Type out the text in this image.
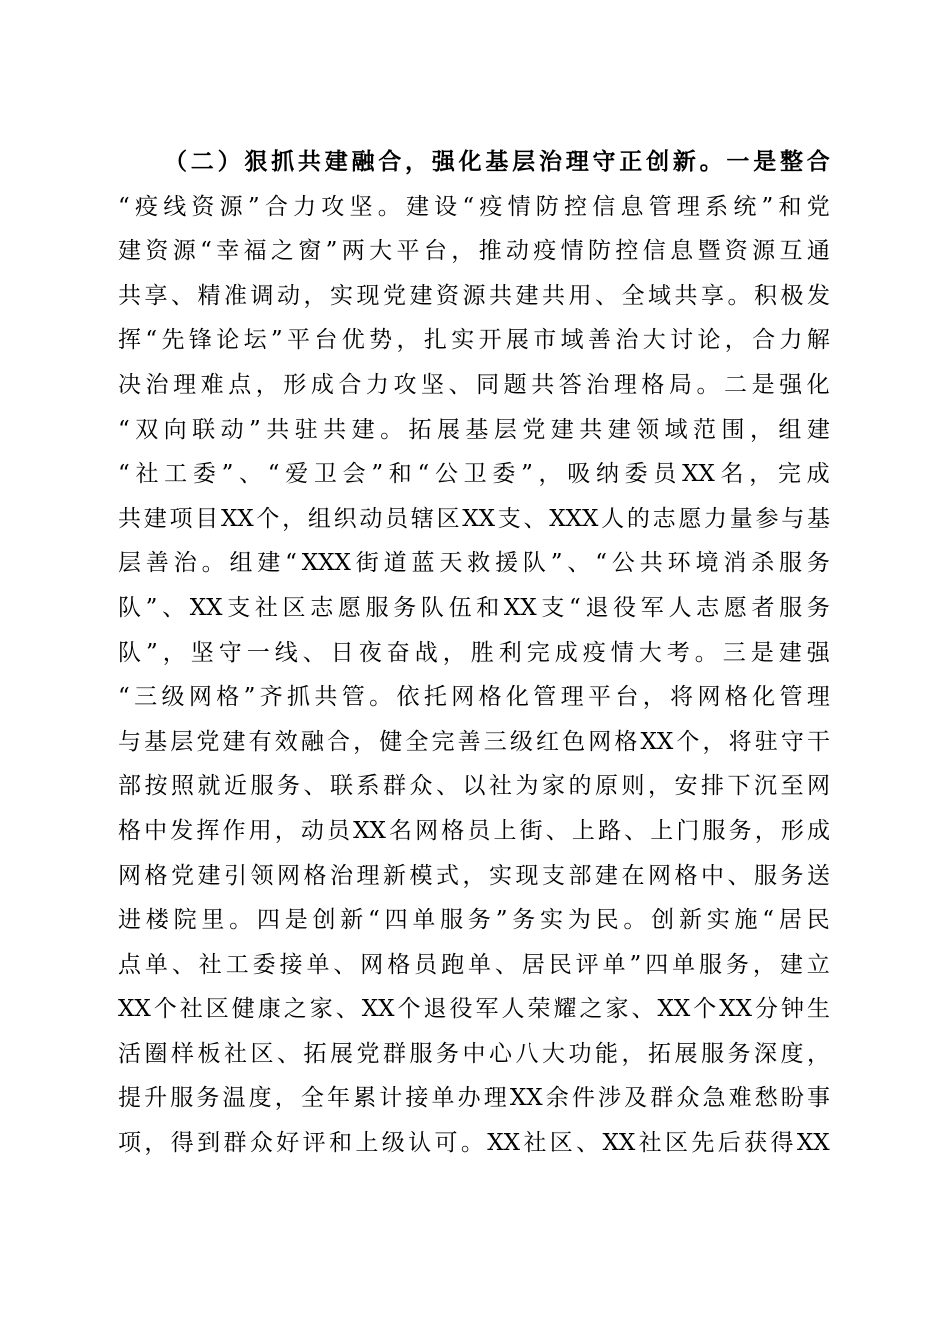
（ 二 ） 狠 抓 共 建 融 合 ， 强 化 基 层 治 理 守 正 创 新 。 一 是 整 合
“ 疫 线 资 源 ” 合 力 攻 坚 。 建 设 “ 疫 情 防 控 信 息 管 理 系 统 ” 和 党
建 资 源 “ 幸 福 之 窗 ” 两 大 平 台 ， 推 动 疫 情 防 控 信 息 暨 资 源 互 通
共 享 、 精 准 调 动 ， 实 现 党 建 资 源 共 建 共 用 、 全 域 共 享 。 积 极 发
挥 “ 先 锋 论 坛 ” 平 台 优 势 ， 扎 实 开 展 市 域 善 治 大 讨 论 ， 合 力 解
决 治 理 难 点 ， 形 成 合 力 攻 坚 、 同 题 共 答 治 理 格 局 。 二 是 强 化
“ 双 向 联 动 ” 共 驻 共 建 。 拓 展 基 层 党 建 共 建 领 域 范 围 ， 组 建
“ 社 工 委 ” 、 “ 爱 卫 会 ” 和 “ 公 卫 委 ” ， 吸 纳 委 员 XX 名 ， 完 成
共 建 项 目 XX 个 ， 组 织 动 员 辖 区 XX 支 、 XXX 人 的 志 愿 力 量 参 与 基
层 善 治 。 组 建 “ XXX 街 道 蓝 天 救 援 队 ” 、 “ 公 共 环 境 消 杀 服 务
队 ” 、 XX 支 社 区 志 愿 服 务 队 伍 和 XX 支 “ 退 役 军 人 志 愿 者 服 务
队 ” ， 坚 守 一 线 、 日 夜 奋 战 ， 胜 利 完 成 疫 情 大 考 。 三 是 建 强
“ 三 级 网 格 ” 齐 抓 共 管 。 依 托 网 格 化 管 理 平 台 ， 将 网 格 化 管 理
与 基 层 党 建 有 效 融 合 ， 健 全 完 善 三 级 红 色 网 格 XX 个 ， 将 驻 守 干
部 按 照 就 近 服 务 、 联 系 群 众 、 以 社 为 家 的 原 则 ， 安 排 下 沉 至 网
格 中 发 挥 作 用 ， 动 员 XX 名 网 格 员 上 街 、 上 路 、 上 门 服 务 ， 形 成
网 格 党 建 引 领 网 格 治 理 新 模 式 ， 实 现 支 部 建 在 网 格 中 、 服 务 送
进 楼 院 里 。 四 是 创 新 “ 四 单 服 务 ” 务 实 为 民 。 创 新 实 施 “ 居 民
点 单 、 社 工 委 接 单 、 网 格 员 跑 单 、 居 民 评 单 ” 四 单 服 务 ， 建 立
XX 个 社 区 健 康 之 家 、 XX 个 退 役 军 人 荣 耀 之 家 、 XX 个 XX 分 钟 生
活 圈 样 板 社 区 、 拓 展 党 群 服 务 中 心 八 大 功 能 ， 拓 展 服 务 深 度 ，
提 升 服 务 温 度 ， 全 年 累 计 接 单 办 理 XX 余 件 涉 及 群 众 急 难 愁 盼 事
项 ， 得 到 群 众 好 评 和 上 级 认 可 。 XX 社 区 、 XX 社 区 先 后 获 得 XX
